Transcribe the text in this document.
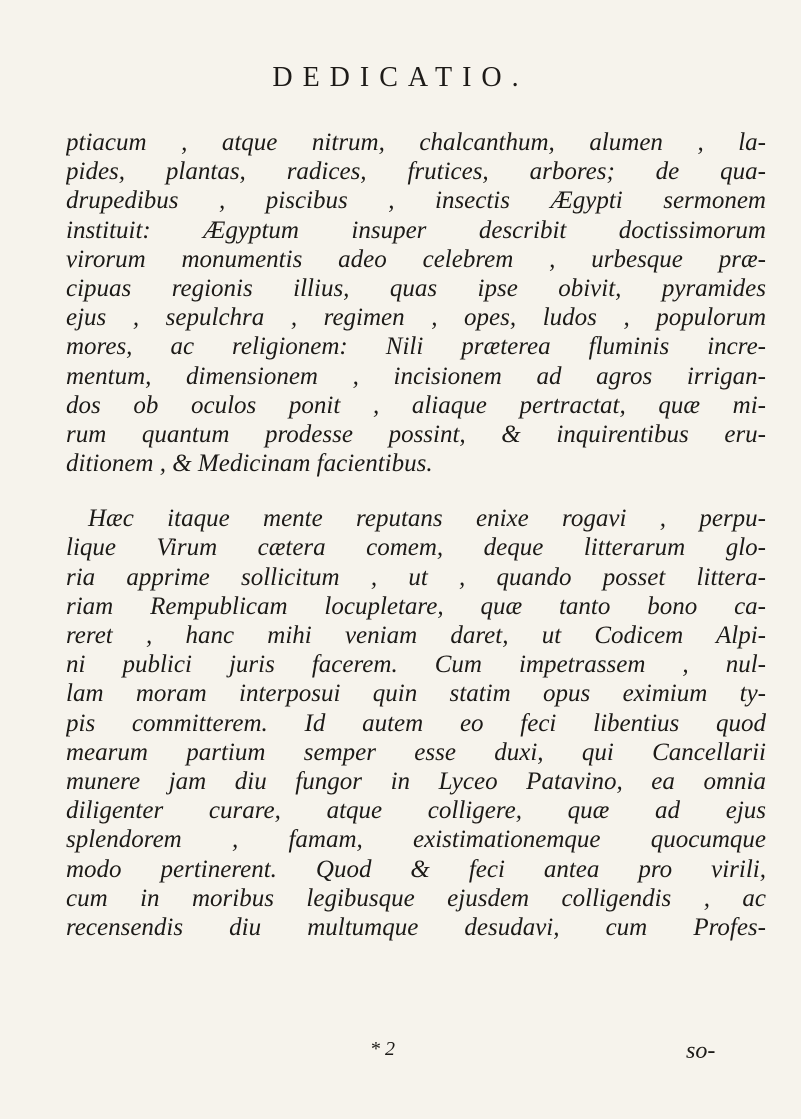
DEDICATIO.
ptiacum , atque nitrum, chalcanthum, alumen , la-
pides, plantas, radices, frutices, arbores; de qua-
drupedibus , piscibus , insectis Ægypti sermonem
instituit: Ægyptum insuper describit doctissimorum
virorum monumentis adeo celebrem , urbesque præ-
cipuas regionis illius, quas ipse obivit, pyramides
ejus , sepulchra , regimen , opes, ludos , populorum
mores, ac religionem: Nili præterea fluminis incre-
mentum, dimensionem , incisionem ad agros irrigan-
dos ob oculos ponit , aliaque pertractat, quæ mi-
rum quantum prodesse possint, & inquirentibus eru-
ditionem , & Medicinam facientibus.
Hæc itaque mente reputans enixe rogavi , perpu-
lique Virum cætera comem, deque litterarum glo-
ria apprime sollicitum , ut , quando posset littera-
riam Rempublicam locupletare, quæ tanto bono ca-
reret , hanc mihi veniam daret, ut Codicem Alpi-
ni publici juris facerem. Cum impetrassem , nul-
lam moram interposui quin statim opus eximium ty-
pis committerem. Id autem eo feci libentius quod
mearum partium semper esse duxi, qui Cancellarii
munere jam diu fungor in Lyceo Patavino, ea omnia
diligenter curare, atque colligere, quæ ad ejus
splendorem , famam, existimationemque quocumque
modo pertinerent. Quod & feci antea pro virili,
cum in moribus legibusque ejusdem colligendis , ac
recensendis diu multumque desudavi, cum Profes-
* 2	so-
